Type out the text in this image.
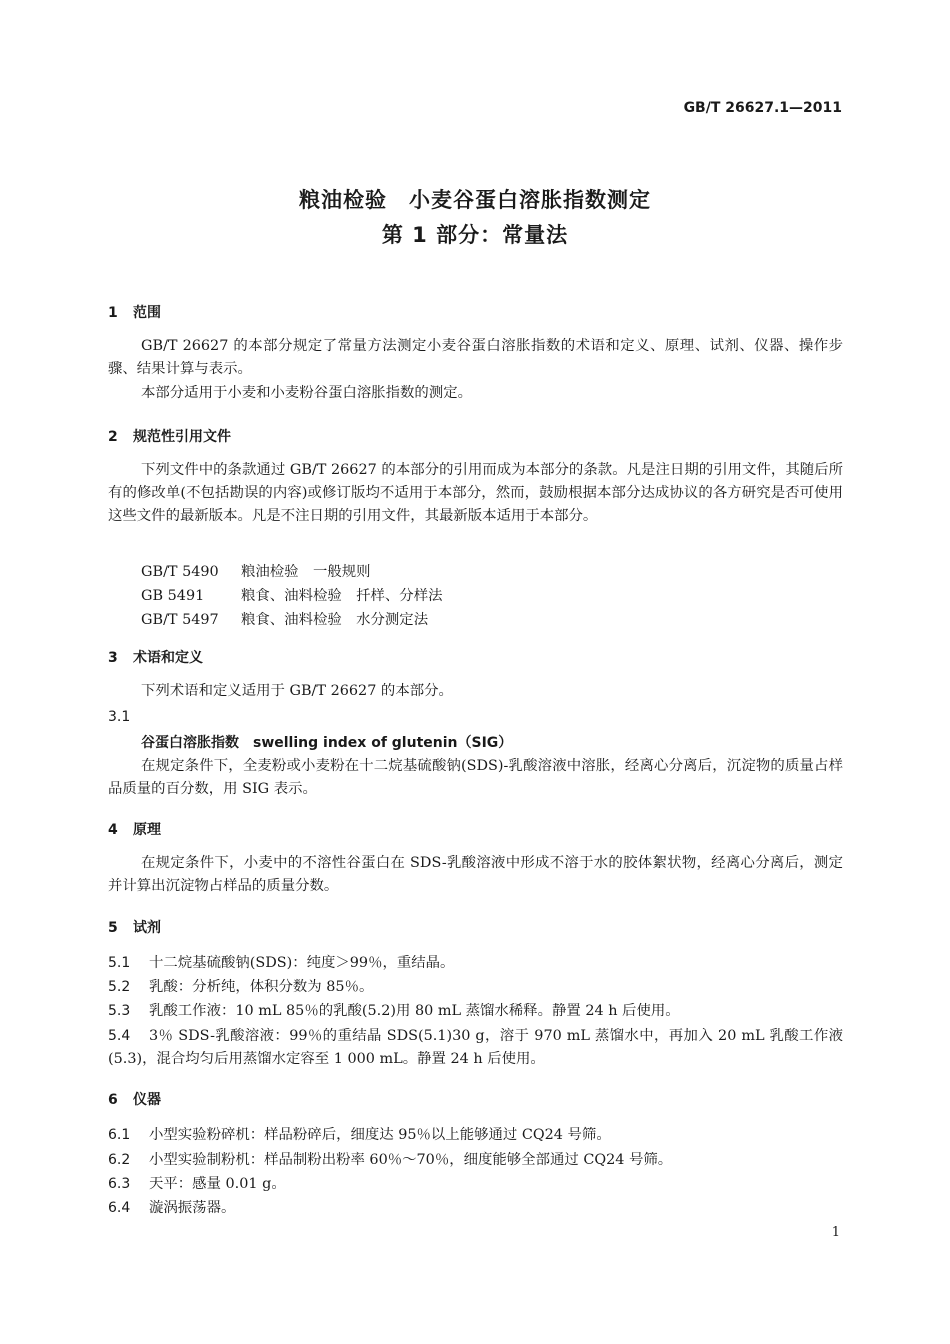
GB/T 26627.1—2011
粮油检验　小麦谷蛋白溶胀指数测定
第 1 部分：常量法
1 范围
GB/T 26627 的本部分规定了常量方法测定小麦谷蛋白溶胀指数的术语和定义、原理、试剂、仪器、操作步骤、结果计算与表示。
本部分适用于小麦和小麦粉谷蛋白溶胀指数的测定。
2 规范性引用文件
下列文件中的条款通过 GB/T 26627 的本部分的引用而成为本部分的条款。凡是注日期的引用文件，其随后所有的修改单(不包括勘误的内容)或修订版均不适用于本部分，然而，鼓励根据本部分达成协议的各方研究是否可使用这些文件的最新版本。凡是不注日期的引用文件，其最新版本适用于本部分。
GB/T 5490 粮油检验　一般规则
GB 5491	粮食、油料检验　扦样、分样法
GB/T 5497 粮食、油料检验　水分测定法
3 术语和定义
下列术语和定义适用于 GB/T 26627 的本部分。
3.1
谷蛋白溶胀指数 swelling index of glutenin（SIG）
在规定条件下，全麦粉或小麦粉在十二烷基硫酸钠(SDS)-乳酸溶液中溶胀，经离心分离后，沉淀物的质量占样品质量的百分数，用 SIG 表示。
4 原理
在规定条件下，小麦中的不溶性谷蛋白在 SDS-乳酸溶液中形成不溶于水的胶体絮状物，经离心分离后，测定并计算出沉淀物占样品的质量分数。
5 试剂
5.1 十二烷基硫酸钠(SDS)：纯度＞99％，重结晶。
5.2 乳酸：分析纯，体积分数为 85％。
5.3 乳酸工作液：10 mL 85％的乳酸(5.2)用 80 mL 蒸馏水稀释。静置 24 h 后使用。
5.4 3％ SDS-乳酸溶液：99％的重结晶 SDS(5.1)30 g，溶于 970 mL 蒸馏水中，再加入 20 mL 乳酸工作液(5.3)，混合均匀后用蒸馏水定容至 1 000 mL。静置 24 h 后使用。
6 仪器
6.1 小型实验粉碎机：样品粉碎后，细度达 95％以上能够通过 CQ24 号筛。
6.2 小型实验制粉机：样品制粉出粉率 60％～70％，细度能够全部通过 CQ24 号筛。
6.3 天平：感量 0.01 g。
6.4 漩涡振荡器。
1
